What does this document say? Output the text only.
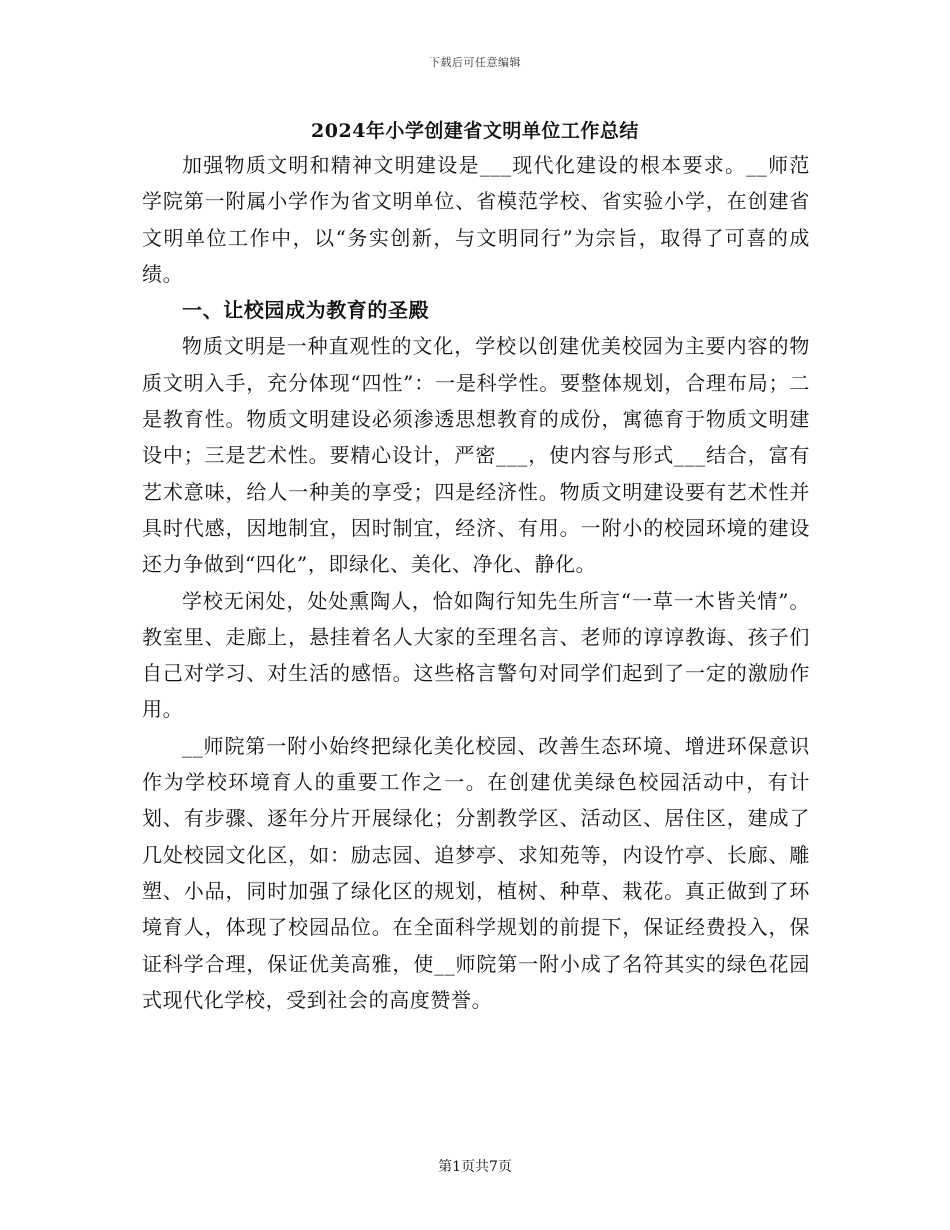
下载后可任意编辑
2024年小学创建省文明单位工作总结

加强物质文明和精神文明建设是___现代化建设的根本要求。__师范学院第一附属小学作为省文明单位、省模范学校、省实验小学，在创建省文明单位工作中，以“务实创新，与文明同行”为宗旨，取得了可喜的成绩。

一、让校园成为教育的圣殿

物质文明是一种直观性的文化，学校以创建优美校园为主要内容的物质文明入手，充分体现“四性”：一是科学性。要整体规划，合理布局；二是教育性。物质文明建设必须渗透思想教育的成份，寓德育于物质文明建设中；三是艺术性。要精心设计，严密___，使内容与形式___结合，富有艺术意味，给人一种美的享受；四是经济性。物质文明建设要有艺术性并具时代感，因地制宜，因时制宜，经济、有用。一附小的校园环境的建设还力争做到“四化”，即绿化、美化、净化、静化。

学校无闲处，处处熏陶人，恰如陶行知先生所言“一草一木皆关情”。教室里、走廊上，悬挂着名人大家的至理名言、老师的谆谆教诲、孩子们自己对学习、对生活的感悟。这些格言警句对同学们起到了一定的激励作用。

__师院第一附小始终把绿化美化校园、改善生态环境、增进环保意识作为学校环境育人的重要工作之一。在创建优美绿色校园活动中，有计划、有步骤、逐年分片开展绿化；分割教学区、活动区、居住区，建成了几处校园文化区，如：励志园、追梦亭、求知苑等，内设竹亭、长廊、雕塑、小品，同时加强了绿化区的规划，植树、种草、栽花。真正做到了环境育人，体现了校园品位。在全面科学规划的前提下，保证经费投入，保证科学合理，保证优美高雅，使__师院第一附小成了名符其实的绿色花园式现代化学校，受到社会的高度赞誉。

第1页共7页
